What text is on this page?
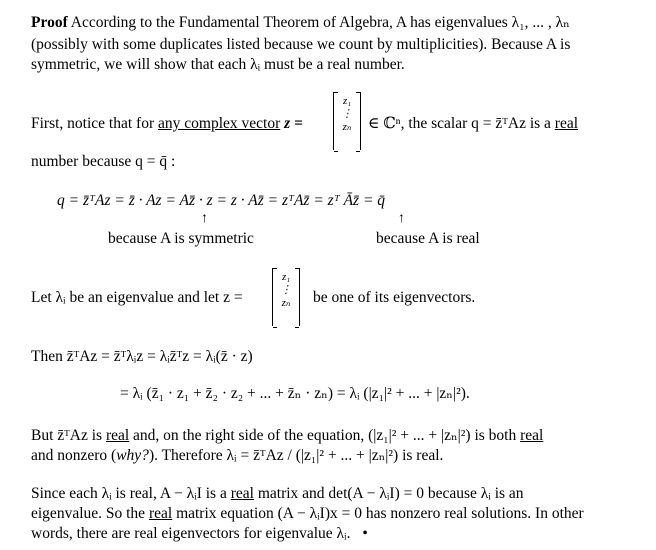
Proof According to the Fundamental Theorem of Algebra, A has eigenvalues λ₁, ... , λₙ
(possibly with some duplicates listed because we count by multiplicities). Because A is
symmetric, we will show that each λᵢ must be a real number.
First, notice that for any complex vector z =
z₁
⋮
zₙ	∈ ℂⁿ, the scalar q = z̄ᵀAz is a real
number because q = q̄ :
q = z̄ᵀAz = z̄ · Az = Az̄ · z = z · Az̄ = zᵀAz̄ = zᵀ Āz̄ = q̄
↑	↑
because A is symmetric	because A is real
Let λᵢ be an eigenvalue and let z =
z₁
⋮
zₙ	be one of its eigenvectors.
Then z̄ᵀAz = z̄ᵀλᵢz = λᵢz̄ᵀz = λᵢ(z̄ · z)
= λᵢ (z̄₁ · z₁ + z̄₂ · z₂ + ... + z̄ₙ · zₙ) = λᵢ (|z₁|² + ... + |zₙ|²).
But z̄ᵀAz is real and, on the right side of the equation, (|z₁|² + ... + |zₙ|²) is both real
and nonzero (why?). Therefore λᵢ = z̄ᵀAz / (|z₁|² + ... + |zₙ|²) is real.
Since each λᵢ is real, A − λᵢI is a real matrix and det(A − λᵢI) = 0 because λᵢ is an
eigenvalue. So the real matrix equation (A − λᵢI)x = 0 has nonzero real solutions. In other
words, there are real eigenvectors for eigenvalue λᵢ. •
